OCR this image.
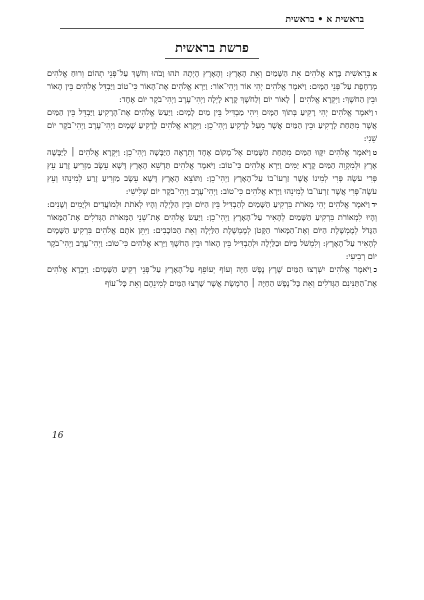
בראשית א • בראשית
פרשת בראשית
אבְּרֵאשִׁית בָּרָא אֱלֹהִים אֵת הַשָּׁמַיִם וְאֵת הָאָרֶץ: וְהָאָרֶץ הָיְתָה תֹהוּ וָבֹהוּ וְחֹשֶׁךְ עַל־פְּנֵי תְהוֹם וְרוּחַ אֱלֹהִים מְרַחֶפֶת עַל־פְּנֵי הַמָּיִם: וַיֹּאמֶר אֱלֹהִים יְהִי אוֹר וַיְהִי־אוֹר: וַיַּרְא אֱלֹהִים אֶת־הָאוֹר כִּי־טוֹב וַיַּבְדֵּל אֱלֹהִים בֵּין הָאוֹר וּבֵין הַחֹשֶׁךְ: וַיִּקְרָא אֱלֹהִים ׀ לָאוֹר יוֹם וְלַחֹשֶׁךְ קָרָא לָיְלָה וַיְהִי־עֶרֶב וַיְהִי־בֹקֶר יוֹם אֶחָד:
ווַיֹּאמֶר אֱלֹהִים יְהִי רָקִיעַ בְּתוֹךְ הַמָּיִם וִיהִי מַבְדִּיל בֵּין מַיִם לָמָיִם: וַיַּעַשׂ אֱלֹהִים אֶת־הָרָקִיעַ וַיַּבְדֵּל בֵּין הַמַּיִם אֲשֶׁר מִתַּחַת לָרָקִיעַ וּבֵין הַמַּיִם אֲשֶׁר מֵעַל לָרָקִיעַ וַיְהִי־כֵן: וַיִּקְרָא אֱלֹהִים לָרָקִיעַ שָׁמָיִם וַיְהִי־עֶרֶב וַיְהִי־בֹקֶר יוֹם שֵׁנִי:
טוַיֹּאמֶר אֱלֹהִים יִקָּווּ הַמַּיִם מִתַּחַת הַשָּׁמַיִם אֶל־מָקוֹם אֶחָד וְתֵרָאֶה הַיַּבָּשָׁה וַיְהִי־כֵן: וַיִּקְרָא אֱלֹהִים ׀ לַיַּבָּשָׁה אֶרֶץ וּלְמִקְוֵה הַמַּיִם קָרָא יַמִּים וַיַּרְא אֱלֹהִים כִּי־טוֹב: וַיֹּאמֶר אֱלֹהִים תַּדְשֵׁא הָאָרֶץ דֶּשֶׁא עֵשֶׂב מַזְרִיעַ זֶרַע עֵץ פְּרִי עֹשֶׂה פְּרִי לְמִינוֹ אֲשֶׁר זַרְעוֹ־בוֹ עַל־הָאָרֶץ וַיְהִי־כֵן: וַתּוֹצֵא הָאָרֶץ דֶּשֶׁא עֵשֶׂב מַזְרִיעַ זֶרַע לְמִינֵהוּ וְעֵץ עֹשֶׂה־פְּרִי אֲשֶׁר זַרְעוֹ־בוֹ לְמִינֵהוּ וַיַּרְא אֱלֹהִים כִּי־טוֹב: וַיְהִי־עֶרֶב וַיְהִי־בֹקֶר יוֹם שְׁלִישִׁי:
ידוַיֹּאמֶר אֱלֹהִים יְהִי מְאֹרֹת בִּרְקִיעַ הַשָּׁמַיִם לְהַבְדִּיל בֵּין הַיּוֹם וּבֵין הַלָּיְלָה וְהָיוּ לְאֹתֹת וּלְמוֹעֲדִים וּלְיָמִים וְשָׁנִים: וְהָיוּ לִמְאוֹרֹת בִּרְקִיעַ הַשָּׁמַיִם לְהָאִיר עַל־הָאָרֶץ וַיְהִי־כֵן: וַיַּעַשׂ אֱלֹהִים אֶת־שְׁנֵי הַמְּאֹרֹת הַגְּדֹלִים אֶת־הַמָּאוֹר הַגָּדֹל לְמֶמְשֶׁלֶת הַיּוֹם וְאֶת־הַמָּאוֹר הַקָּטֹן לְמֶמְשֶׁלֶת הַלַּיְלָה וְאֵת הַכּוֹכָבִים: וַיִּתֵּן אֹתָם אֱלֹהִים בִּרְקִיעַ הַשָּׁמָיִם לְהָאִיר עַל־הָאָרֶץ: וְלִמְשֹׁל בַּיּוֹם וּבַלַּיְלָה וּלְהַבְדִּיל בֵּין הָאוֹר וּבֵין הַחֹשֶׁךְ וַיַּרְא אֱלֹהִים כִּי־טוֹב: וַיְהִי־עֶרֶב וַיְהִי־בֹקֶר יוֹם רְבִיעִי:
כוַיֹּאמֶר אֱלֹהִים יִשְׁרְצוּ הַמַּיִם שֶׁרֶץ נֶפֶשׁ חַיָּה וְעוֹף יְעוֹפֵף עַל־הָאָרֶץ עַל־פְּנֵי רְקִיעַ הַשָּׁמָיִם: וַיִּבְרָא אֱלֹהִים אֶת־הַתַּנִּינִם הַגְּדֹלִים וְאֵת כָּל־נֶפֶשׁ הַחַיָּה ׀ הָרֹמֶשֶׂת אֲשֶׁר שָׁרְצוּ הַמַּיִם לְמִינֵהֶם וְאֵת כָּל־עוֹף
16
